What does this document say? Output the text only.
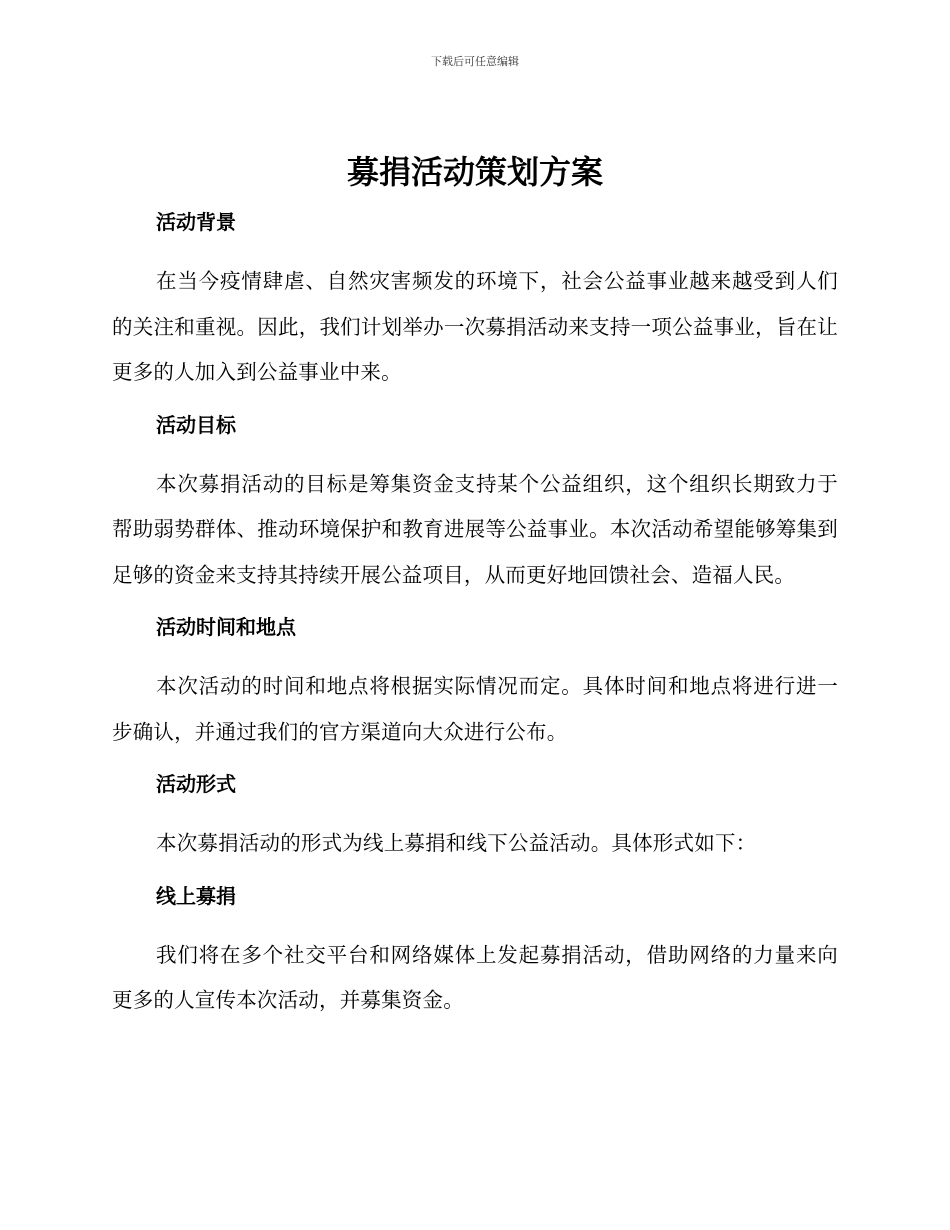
下载后可任意编辑
募捐活动策划方案
活动背景

在当今疫情肆虐、自然灾害频发的环境下，社会公益事业越来越受到人们的关注和重视。因此，我们计划举办一次募捐活动来支持一项公益事业，旨在让更多的人加入到公益事业中来。

活动目标

本次募捐活动的目标是筹集资金支持某个公益组织，这个组织长期致力于帮助弱势群体、推动环境保护和教育进展等公益事业。本次活动希望能够筹集到足够的资金来支持其持续开展公益项目，从而更好地回馈社会、造福人民。

活动时间和地点

本次活动的时间和地点将根据实际情况而定。具体时间和地点将进行进一步确认，并通过我们的官方渠道向大众进行公布。

活动形式

本次募捐活动的形式为线上募捐和线下公益活动。具体形式如下：

线上募捐

我们将在多个社交平台和网络媒体上发起募捐活动，借助网络的力量来向更多的人宣传本次活动，并募集资金。
